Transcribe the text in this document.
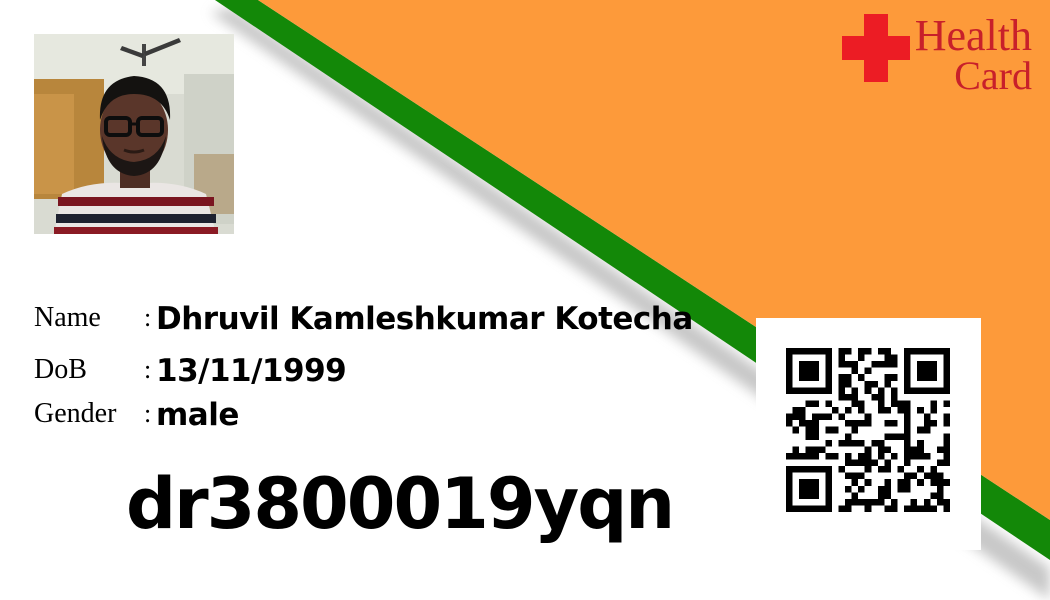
Health
Card
Name : Dhruvil Kamleshkumar Kotecha
DoB : 13/11/1999
Gender : male
dr3800019yqn
